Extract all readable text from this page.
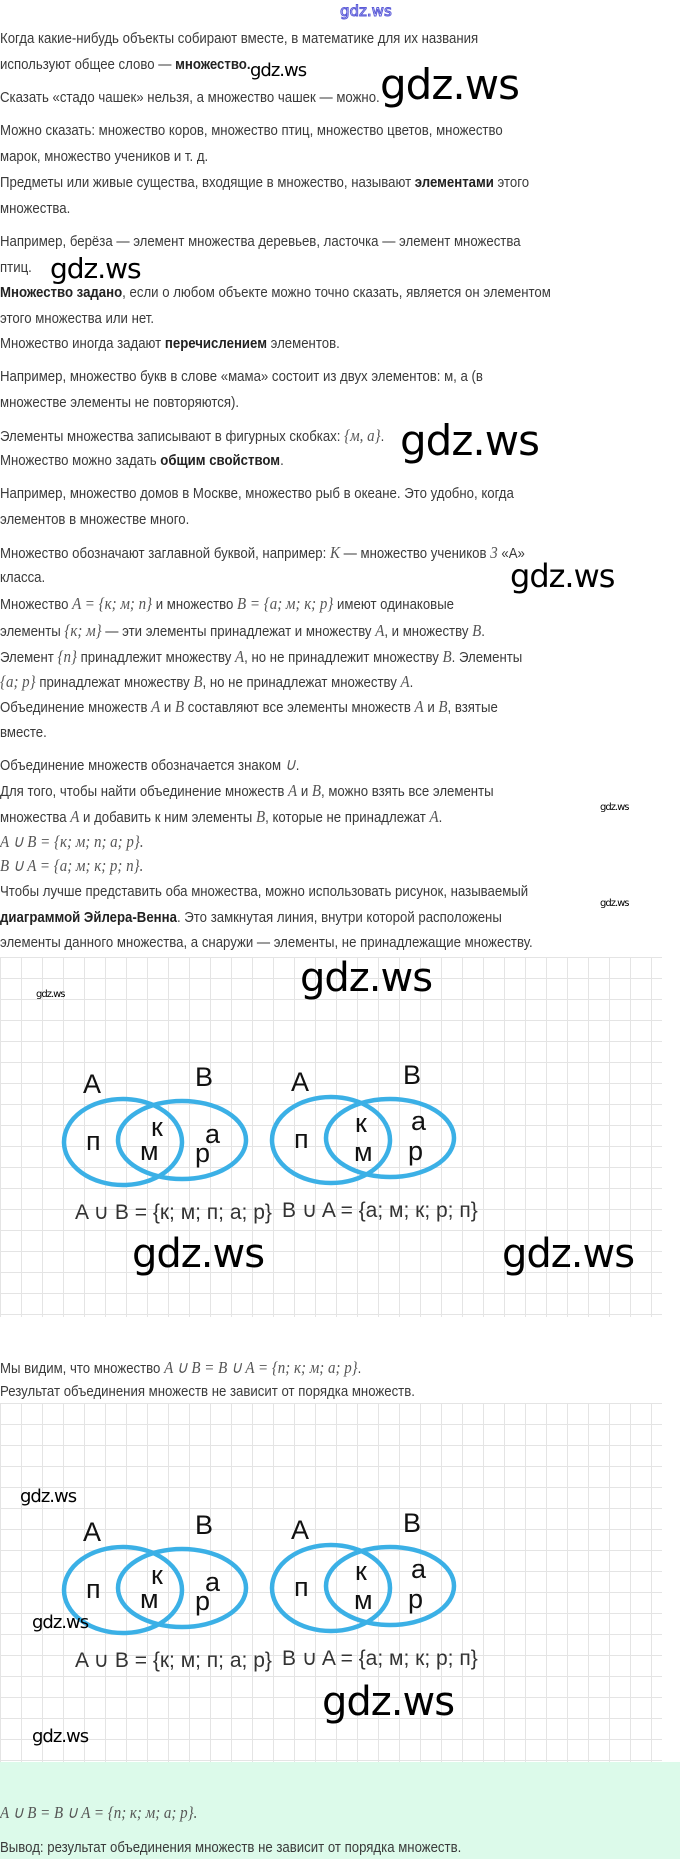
Когда какие-нибудь объекты собирают вместе, в математике для их названия
используют общее слово — множество.
Сказать «стадо чашек» нельзя, а множество чашек — можно.
Можно сказать: множество коров, множество птиц, множество цветов, множество
марок, множество учеников и т. д.
Предметы или живые существа, входящие в множество, называют элементами этого
множества.
Например, берёза — элемент множества деревьев, ласточка — элемент множества
птиц.
Множество задано, если о любом объекте можно точно сказать, является он элементом
этого множества или нет.
Множество иногда задают перечислением элементов.
Например, множество букв в слове «мама» состоит из двух элементов: м, а (в
множестве элементы не повторяются).
Элементы множества записывают в фигурных скобках: {м, а}.
Множество можно задать общим свойством.
Например, множество домов в Москве, множество рыб в океане. Это удобно, когда
элементов в множестве много.
Множество обозначают заглавной буквой, например: K — множество учеников 3 «А»
класса.
Множество A = {к; м; п} и множество B = {а; м; к; р} имеют одинаковые
элементы {к; м} — эти элементы принадлежат и множеству A, и множеству B.
Элемент {п} принадлежит множеству A, но не принадлежит множеству B. Элементы
{а; р} принадлежат множеству B, но не принадлежат множеству A.
Объединение множеств A и B составляют все элементы множеств A и B, взятые
вместе.
Объединение множеств обозначается знаком ∪.
Для того, чтобы найти объединение множеств A и B, можно взять все элементы
множества A и добавить к ним элементы B, которые не принадлежат A.
A ∪ B = {к; м; п; а; р}.
B ∪ A = {а; м; к; р; п}.
Чтобы лучше представить оба множества, можно использовать рисунок, называемый
диаграммой Эйлера-Венна. Это замкнутая линия, внутри которой расположены
элементы данного множества, а снаружи — элементы, не принадлежащие множеству.
Мы видим, что множество A ∪ B = B ∪ A = {п; к; м; а; р}.
Результат объединения множеств не зависит от порядка множеств.
A ∪ B = B ∪ A = {п; к; м; а; р}.
Вывод: результат объединения множеств не зависит от порядка множеств.
A	B
п к
м
а
р
A ∪ B = {к; м; п; а; р}
A	B
п
к
м
а
р
B ∪ A = {а; м; к; р; п}
A	B
п к
м
а
р
A ∪ B = {к; м; п; а; р}
A	B
п
к
м
а
р
B ∪ A = {а; м; к; р; п}
gdz.ws
gdz.ws gdz.ws
gdz.ws
gdz.ws
gdz.ws
gdz.ws
gdz.ws
gdz.ws
gdz.ws
gdz.ws	gdz.ws
gdz.ws
gdz.ws
gdz.ws
gdz.ws
